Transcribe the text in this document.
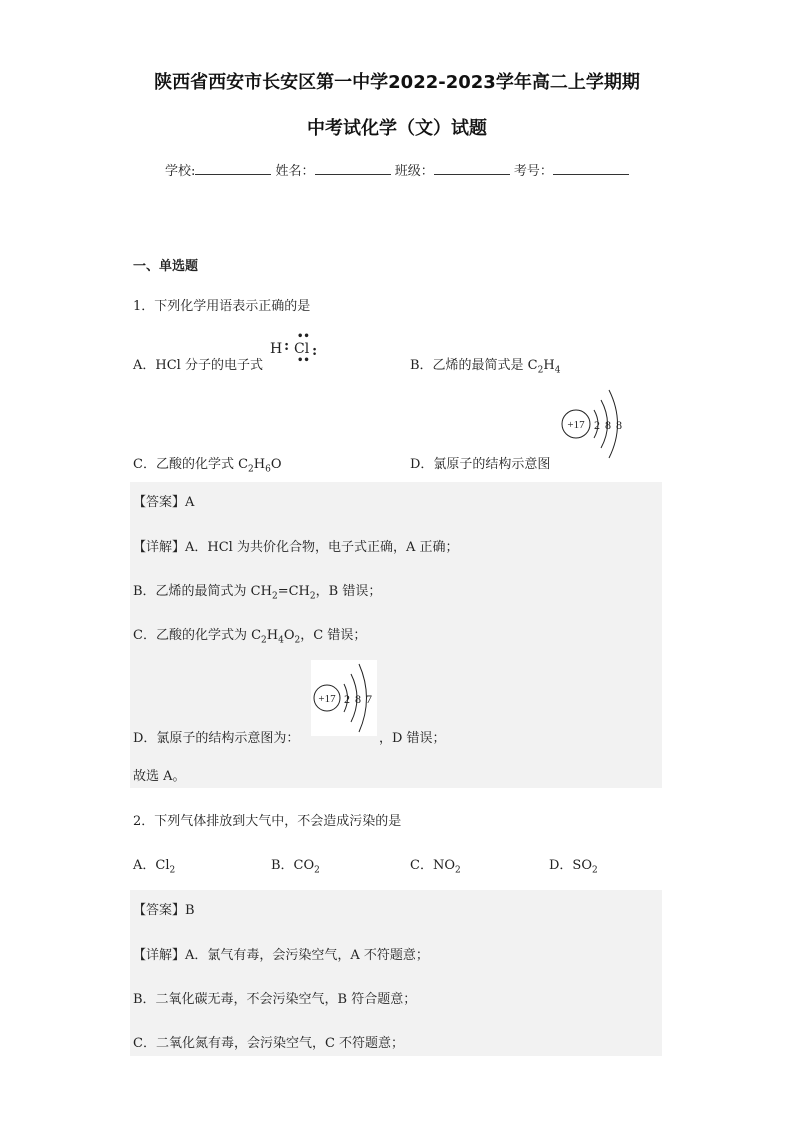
陕西省西安市长安区第一中学2022-2023学年高二上学期期
中考试化学（文）试题
学校:	姓名：	班级：	考号：
一、单选题
1．下列化学用语表示正确的是
A．HCl 分子的电子式
H : Cl
••
••
:
B．乙烯的最简式是 $C_2H_4$
+17 2 8 8
C．乙酸的化学式 $C_2H_6O$	D．氯原子的结构示意图
【答案】A
【详解】A．HCl 为共价化合物，电子式正确，A 正确；
B．乙烯的最简式为 $CH_2=CH_2$，B 错误；
C．乙酸的化学式为 $C_2H_4O_2$，C 错误；
+17 2 8 7
D．氯原子的结构示意图为：	，D 错误；
故选 A。
2．下列气体排放到大气中，不会造成污染的是
A．$Cl_2$	B．$CO_2$	C．$NO_2$	D．$SO_2$
【答案】B
【详解】A．氯气有毒，会污染空气，A 不符题意；
B．二氧化碳无毒，不会污染空气，B 符合题意；
C．二氧化氮有毒，会污染空气，C 不符题意；
